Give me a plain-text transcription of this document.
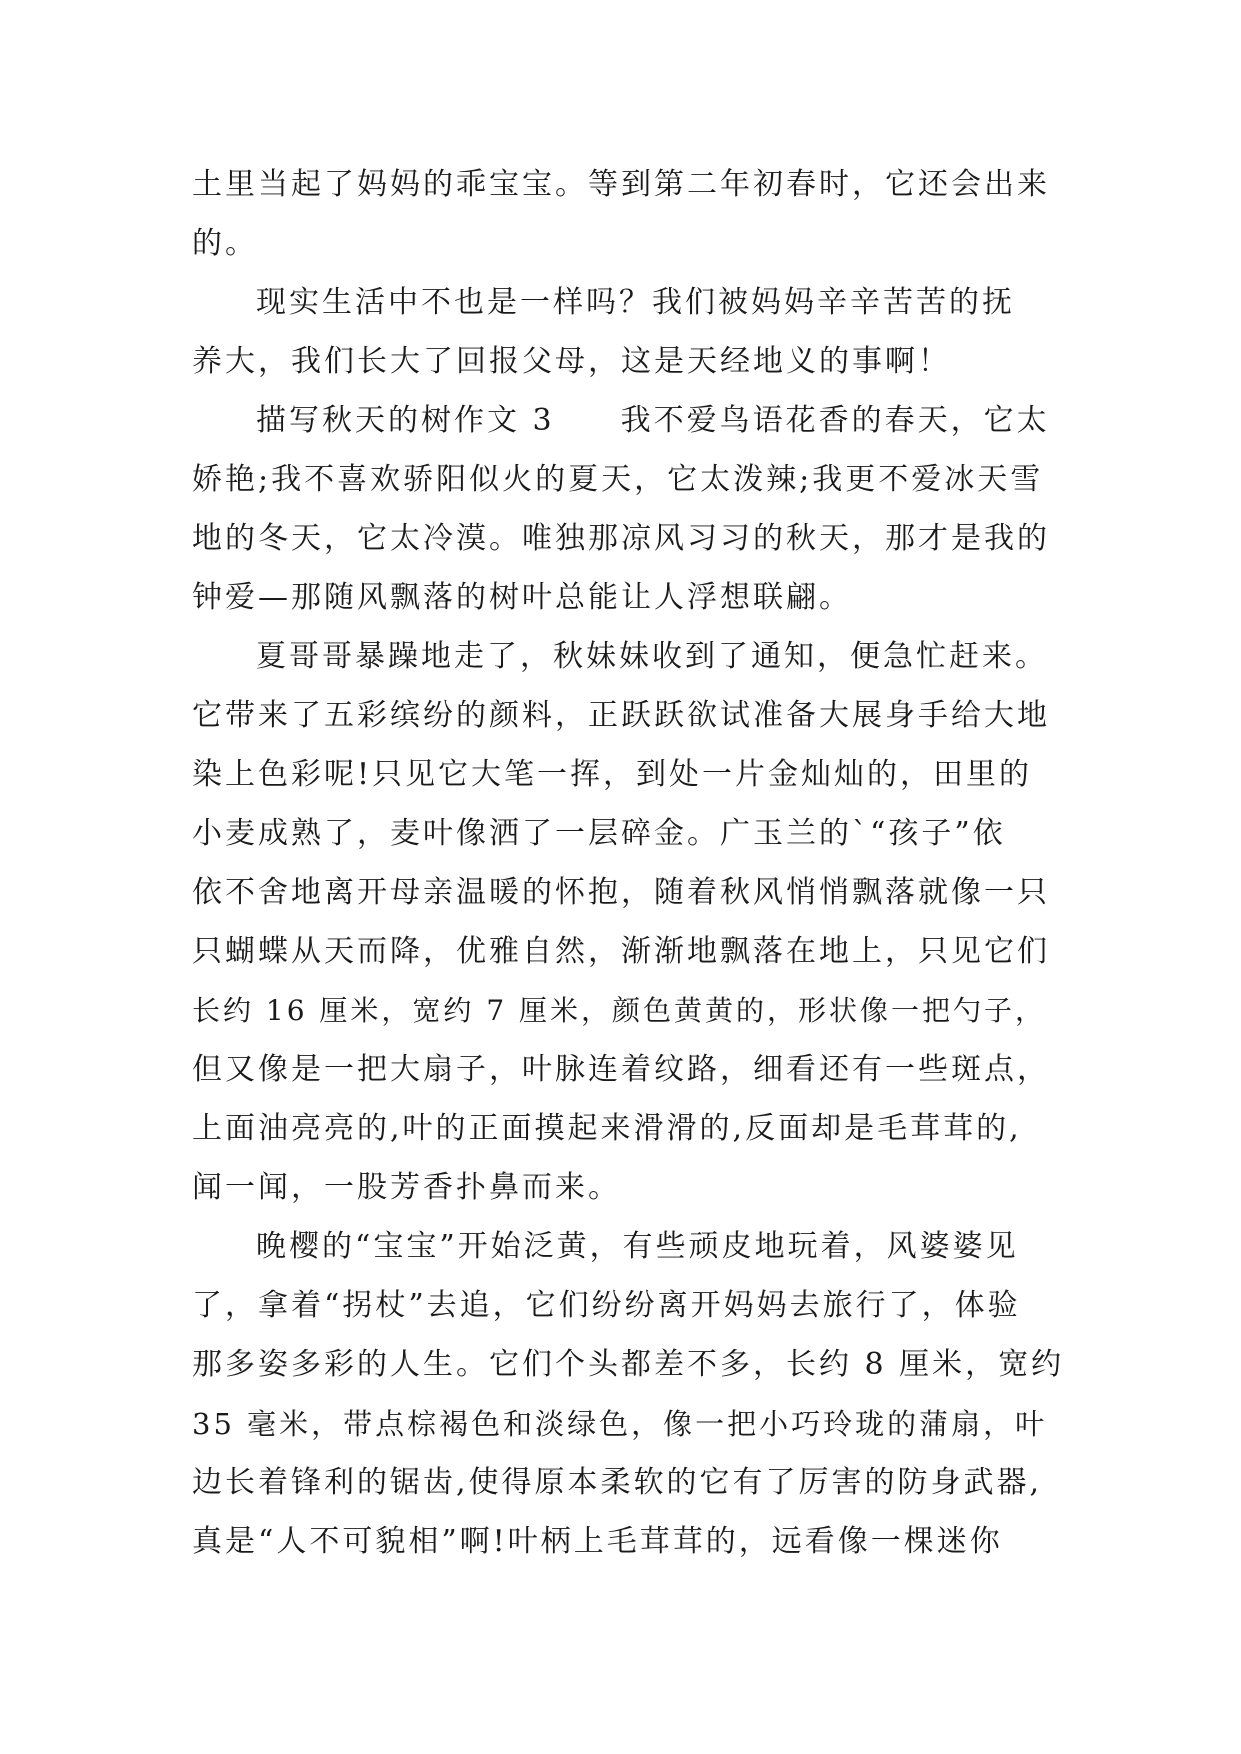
土里当起了妈妈的乖宝宝。等到第二年初春时，它还会出来
的。
现实生活中不也是一样吗？我们被妈妈辛辛苦苦的抚
养大，我们长大了回报父母，这是天经地义的事啊！
描写秋天的树作文 3　　我不爱鸟语花香的春天，它太
娇艳;我不喜欢骄阳似火的夏天，它太泼辣;我更不爱冰天雪
地的冬天，它太冷漠。唯独那凉风习习的秋天，那才是我的
钟爱—那随风飘落的树叶总能让人浮想联翩。
夏哥哥暴躁地走了，秋妹妹收到了通知，便急忙赶来。
它带来了五彩缤纷的颜料，正跃跃欲试准备大展身手给大地
染上色彩呢!只见它大笔一挥，到处一片金灿灿的，田里的
小麦成熟了，麦叶像洒了一层碎金。广玉兰的`“孩子”依
依不舍地离开母亲温暖的怀抱，随着秋风悄悄飘落就像一只
只蝴蝶从天而降，优雅自然，渐渐地飘落在地上，只见它们
长约 16 厘米，宽约 7 厘米，颜色黄黄的，形状像一把勺子，
但又像是一把大扇子，叶脉连着纹路，细看还有一些斑点，
上面油亮亮的,叶的正面摸起来滑滑的,反面却是毛茸茸的,
闻一闻，一股芳香扑鼻而来。
晚樱的“宝宝”开始泛黄，有些顽皮地玩着，风婆婆见
了，拿着“拐杖”去追，它们纷纷离开妈妈去旅行了，体验
那多姿多彩的人生。它们个头都差不多，长约 8 厘米，宽约
35 毫米，带点棕褐色和淡绿色，像一把小巧玲珑的蒲扇，叶
边长着锋利的锯齿,使得原本柔软的它有了厉害的防身武器,
真是“人不可貌相”啊!叶柄上毛茸茸的，远看像一棵迷你
